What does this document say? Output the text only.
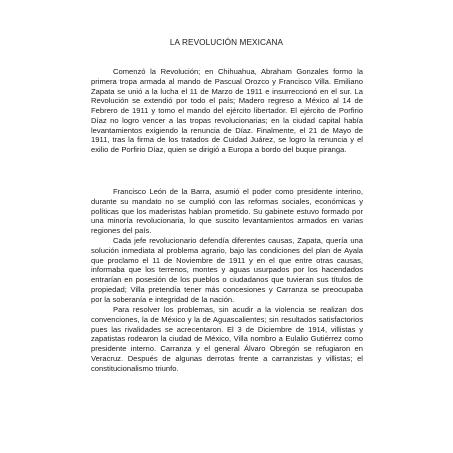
LA REVOLUCIÓN MEXICANA

Comenzó la Revolución; en Chihuahua, Abraham Gonzales formo la primera tropa armada al mando de Pascual Orozco y Francisco Villa. Emiliano Zapata se unió a la lucha el 11 de Marzo de 1911 e insurreccionó en el sur. La Revolución se extendió por todo el país; Madero regreso a México al 14 de Febrero de 1911 y tomo el mando del ejército libertador. El ejército de Porfirio Díaz no logro vencer a las tropas revolucionarias; en la ciudad capital había levantamientos exigiendo la renuncia de Díaz. Finalmente, el 21 de Mayo de 1911, tras la firma de los tratados de Cuidad Juárez, se logro la renuncia y el exilio de Porfirio Díaz, quien se dirigió a Europa a bordo del buque piranga.

Francisco León de la Barra, asumió el poder como presidente interino, durante su mandato no se cumplió con las reformas sociales, económicas y políticas que los maderistas habían prometido. Su gabinete estuvo formado por una minoría revolucionaria, lo que suscito levantamientos armados en varias regiones del país.

Cada jefe revolucionario defendía diferentes causas, Zapata, quería una solución inmediata al problema agrario, bajo las condiciones del plan de Ayala que proclamo el 11 de Noviembre de 1911 y en el que entre otras causas, informaba que los terrenos, montes y aguas usurpados por los hacendados entrarían en posesión de los pueblos o ciudadanos que tuvieran sus títulos de propiedad; Villa pretendía tener más concesiones y Carranza se preocupaba por la soberanía e integridad de la nación.

Para resolver los problemas, sin acudir a la violencia se realizan dos convenciones, la de México y la de Aguascalientes; sin resultados satisfactorios pues las rivalidades se acrecentaron. El 3 de Diciembre de 1914, villistas y zapatistas rodearon la ciudad de México, Villa nombro a Eulalio Gutiérrez como presidente interno. Carranza y el general Álvaro Obregón se refugiaron en Veracruz. Después de algunas derrotas frente a carranzistas y villistas; el constitucionalismo triunfo.
